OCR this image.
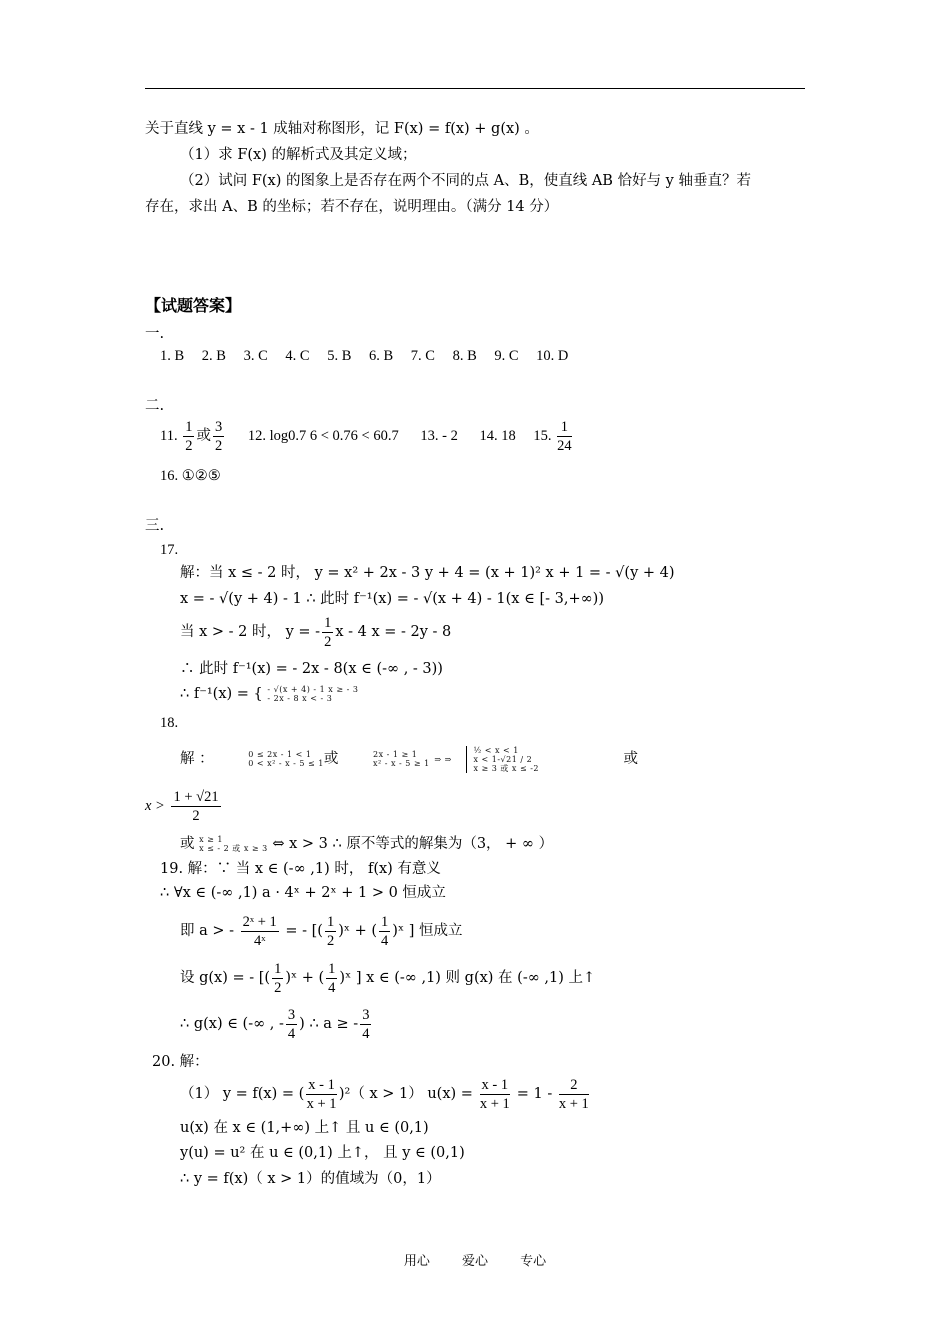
关于直线 y = x - 1 成轴对称图形，记 F(x) = f(x) + g(x) 。
（1）求 F(x) 的解析式及其定义域；
（2）试问 F(x) 的图象上是否存在两个不同的点 A、B，使直线 AB 恰好与 y 轴垂直？若
存在，求出 A、B 的坐标；若不存在，说明理由。（满分 14 分）
【试题答案】
一.
1. B 2. B 3. C 4. C 5. B 6. B 7. C 8. B 9. C 10. D
二.
11. $\frac{1}{2}$ 或 $\frac{3}{2} 12$. log0.7 6 < 0.76 < 60.7 13. - 2 14. 18 15. $\frac{1}{24}$
16. ①②⑤
三.
17.
解：当 x ≤ - 2 时， y = x² + 2x - 3 y + 4 = (x + 1)² x + 1 = - √(y + 4)
x = - √(y + 4) - 1 ∴ 此时 f⁻¹(x) = - √(x + 4) - 1(x ∈ [- 3,+∞))
当 x > - 2 时， y = - $\frac{1}{2}$ x - 4 x = - 2y - 8
∴ 此时 f⁻¹(x) = - 2x - 8(x ∈ (-∞ , - 3))
∴ f⁻¹(x) = { - √(x + 4) - 1 x ≥ - 3
- 2x - 8 x < - 3
18.
解 ：	0 ≤ 2x - 1 < 1
0 < x² - x - 5 ≤ 1 或	2x - 1 ≥ 1
x² - x - 5 ≥ 1 ⇒ ⇒
½ < x < 1
x < 1-√21 / 2
x ≥ 3 或 x ≤ -2
或
$x > \frac{1 + √21}{2}$
或 x ≥ 1
x ≤ - 2 或 x ≥ 3 ⇔ x > 3 ∴ 原不等式的解集为（3， + ∞ ）
19. 解：∵ 当 x ∈ (-∞ ,1) 时， f(x) 有意义
∴ ∀x ∈ (-∞ ,1) a · 4ˣ + 2ˣ + 1 > 0 恒成立
即 a > - $\frac{\text{2ˣ + 1}}{\text{4ˣ}}$ = - [( $\frac{1}{2}$ )ˣ + ( $\frac{1}{4}$ )ˣ ] 恒成立
设 g(x) = - [( $\frac{1}{2}$ )ˣ + ( $\frac{1}{4}$ )ˣ ] x ∈ (-∞ ,1) 则 g(x) 在 (-∞ ,1) 上↑
∴ g(x) ∈ (-∞ , - $\frac{3}{4}$ ) ∴ a ≥ - $\frac{3}{4}$
20. 解：
（1） y = f(x) = ( $\frac{x - 1}{x + 1} )^2$（ x > 1） $u(x) = \frac{x - 1}{x + 1} = 1 - \frac{2}{x + 1}$
u(x) 在 x ∈ (1,+∞) 上↑ 且 u ∈ (0,1)
y(u) = u² 在 u ∈ (0,1) 上↑， 且 y ∈ (0,1)
∴ y = f(x)（ x > 1）的值域为（0，1）
用心 爱心 专心
